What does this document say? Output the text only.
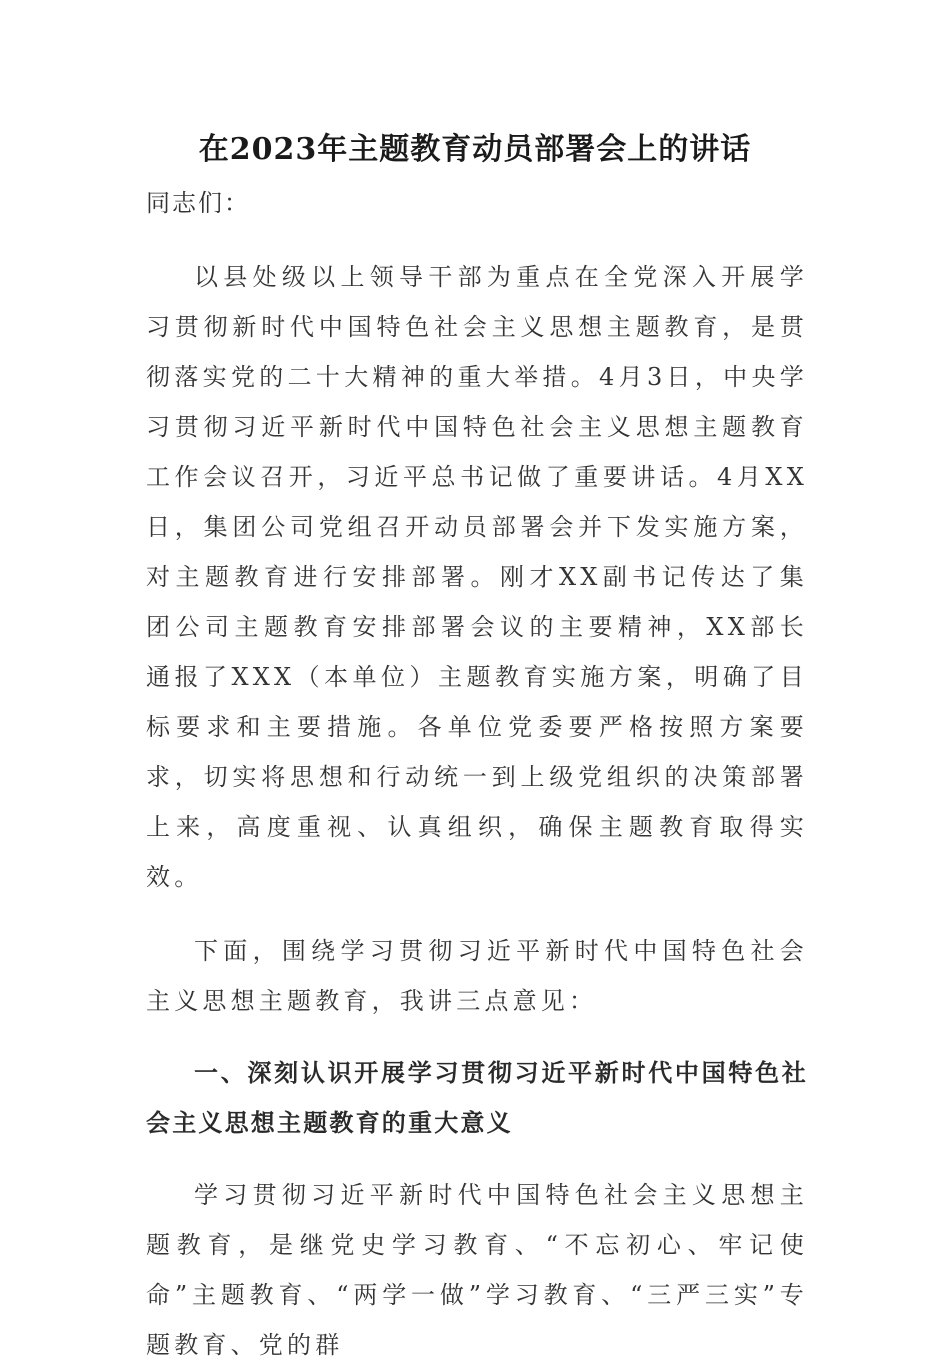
在2023年主题教育动员部署会上的讲话

同志们：

以县处级以上领导干部为重点在全党深入开展学习贯彻新时代中国特色社会主义思想主题教育，是贯彻落实党的二十大精神的重大举措。4月3日，中央学习贯彻习近平新时代中国特色社会主义思想主题教育工作会议召开，习近平总书记做了重要讲话。4月XX日，集团公司党组召开动员部署会并下发实施方案，对主题教育进行安排部署。刚才XX副书记传达了集团公司主题教育安排部署会议的主要精神，XX部长通报了XXX（本单位）主题教育实施方案，明确了目标要求和主要措施。各单位党委要严格按照方案要求，切实将思想和行动统一到上级党组织的决策部署上来，高度重视、认真组织，确保主题教育取得实效。

下面，围绕学习贯彻习近平新时代中国特色社会主义思想主题教育，我讲三点意见：

一、深刻认识开展学习贯彻习近平新时代中国特色社会主义思想主题教育的重大意义

学习贯彻习近平新时代中国特色社会主义思想主题教育，是继党史学习教育、“不忘初心、牢记使命”主题教育、“两学一做”学习教育、“三严三实”专题教育、党的群
